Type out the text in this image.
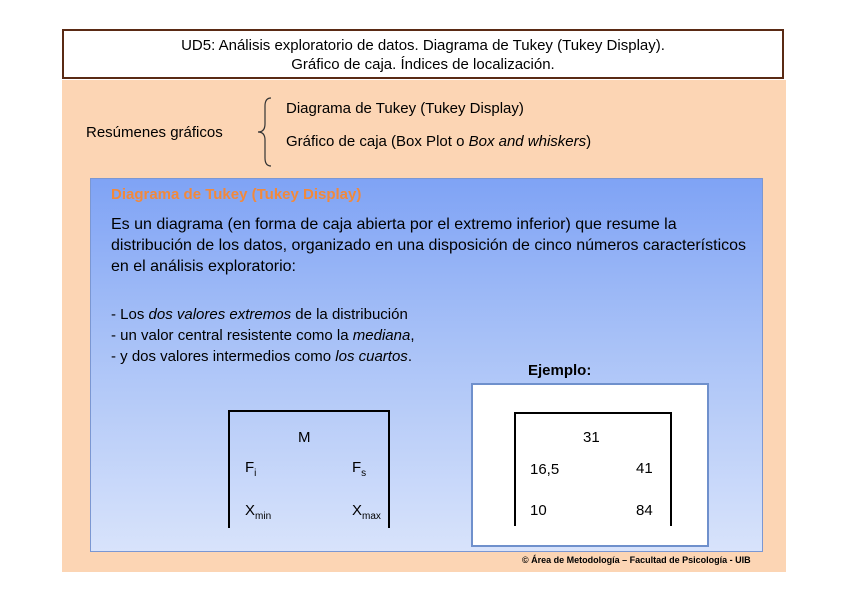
UD5: Análisis exploratorio de datos. Diagrama de Tukey (Tukey Display).
Gráfico de caja. Índices de localización.
Resúmenes gráficos
Diagrama de Tukey (Tukey Display)
Gráfico de caja (Box Plot o Box and whiskers)
Diagrama de Tukey (Tukey Display)
Es un diagrama (en forma de caja abierta por el extremo inferior) que resume la distribución de los datos, organizado en una disposición de cinco números característicos en el análisis exploratorio:
- Los dos valores extremos de la distribución
- un valor central resistente como la mediana,
- y dos valores intermedios como los cuartos.
M
$F_i$	$F_s$
$X_{min}$	$X_{max}$
Ejemplo:
31
16,5	41
10	84
© Área de Metodología – Facultad de Psicología - UIB
